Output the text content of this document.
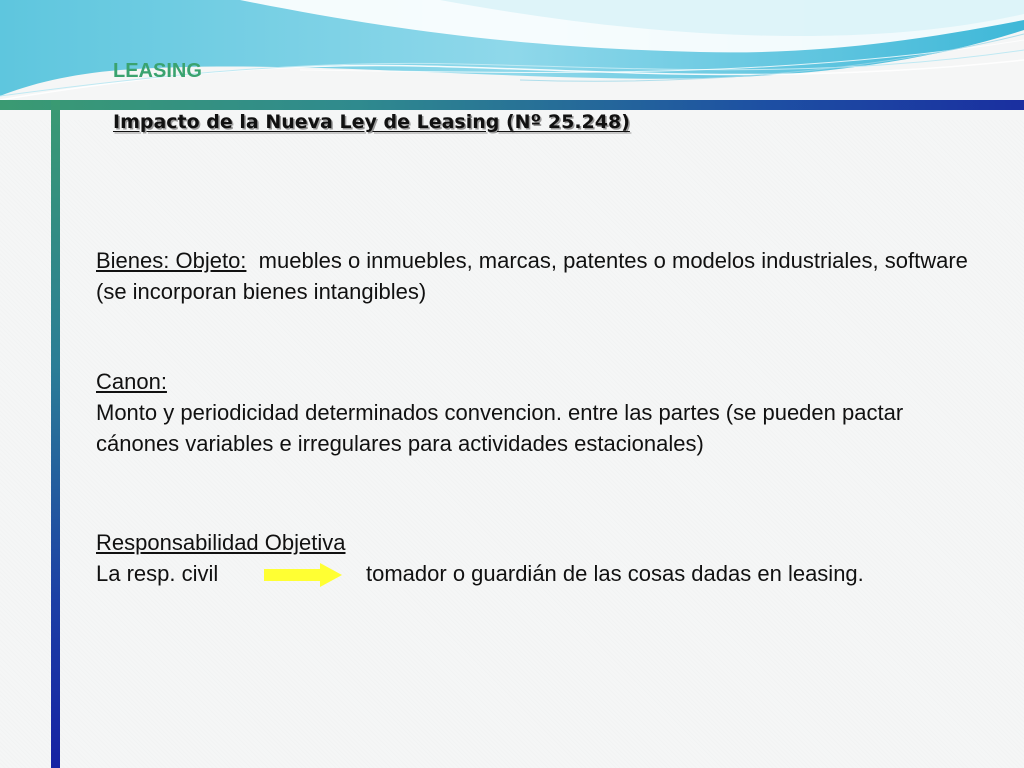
LEASING
Impacto de la Nueva Ley de Leasing (Nº 25.248)
Bienes: Objeto: muebles o inmuebles, marcas, patentes o modelos industriales, software (se incorporan bienes intangibles)
Canon:
Monto y periodicidad determinados convencion. entre las partes (se pueden pactar cánones variables e irregulares para actividades estacionales)
Responsabilidad Objetiva
La resp. civil	tomador o guardián de las cosas dadas en leasing.
